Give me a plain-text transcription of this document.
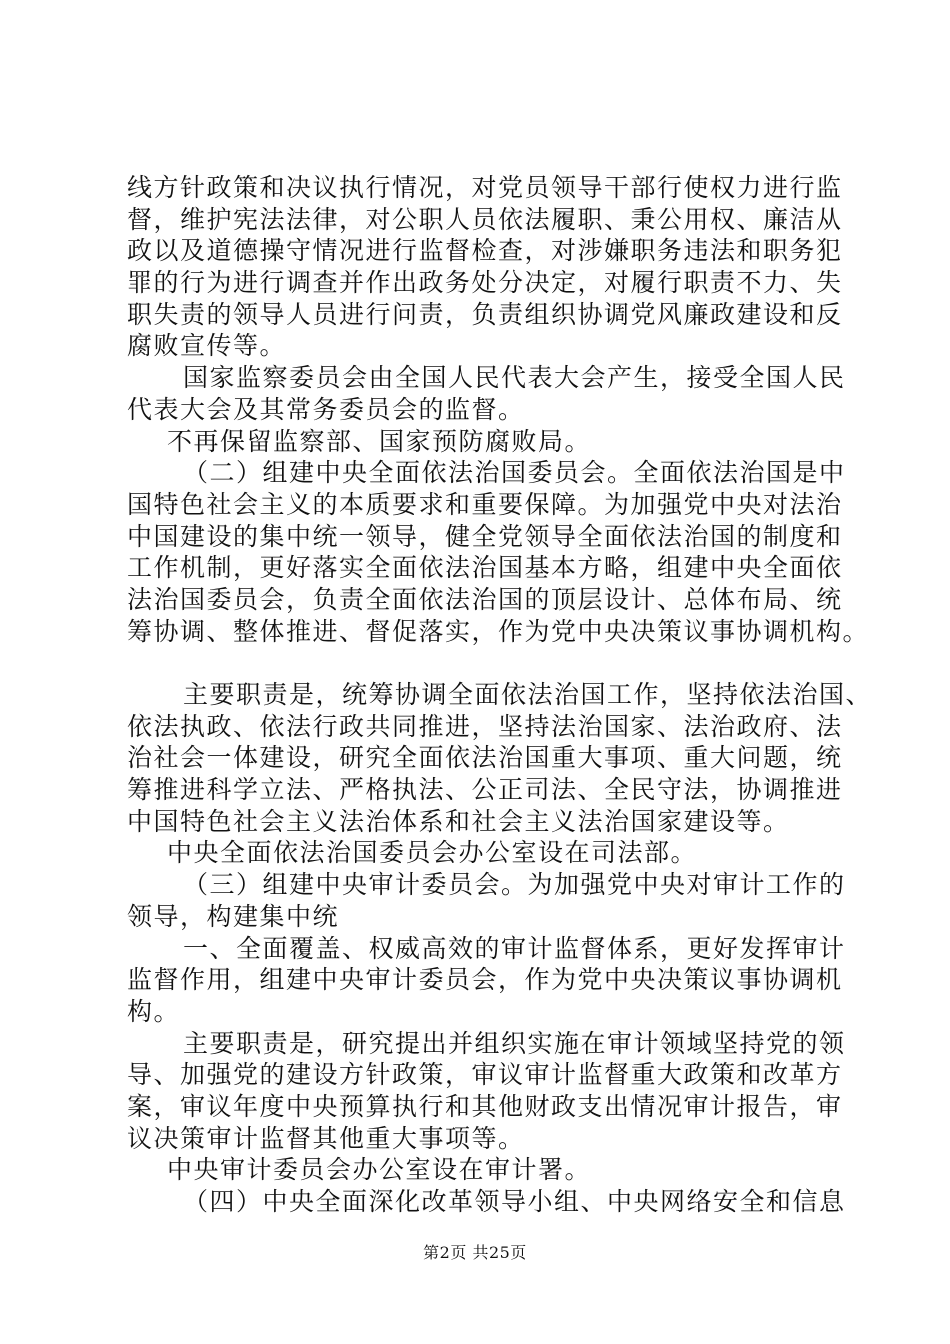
线方针政策和决议执行情况，对党员领导干部行使权力进行监
督，维护宪法法律，对公职人员依法履职、秉公用权、廉洁从
政以及道德操守情况进行监督检查，对涉嫌职务违法和职务犯
罪的行为进行调查并作出政务处分决定，对履行职责不力、失
职失责的领导人员进行问责，负责组织协调党风廉政建设和反
腐败宣传等。
国家监察委员会由全国人民代表大会产生，接受全国人民
代表大会及其常务委员会的监督。
不再保留监察部、国家预防腐败局。
（二）组建中央全面依法治国委员会。全面依法治国是中
国特色社会主义的本质要求和重要保障。为加强党中央对法治
中国建设的集中统一领导，健全党领导全面依法治国的制度和
工作机制，更好落实全面依法治国基本方略，组建中央全面依
法治国委员会，负责全面依法治国的顶层设计、总体布局、统
筹协调、整体推进、督促落实，作为党中央决策议事协调机构。
主要职责是，统筹协调全面依法治国工作，坚持依法治国、
依法执政、依法行政共同推进，坚持法治国家、法治政府、法
治社会一体建设，研究全面依法治国重大事项、重大问题，统
筹推进科学立法、严格执法、公正司法、全民守法，协调推进
中国特色社会主义法治体系和社会主义法治国家建设等。
中央全面依法治国委员会办公室设在司法部。
（三）组建中央审计委员会。为加强党中央对审计工作的
领导，构建集中统
一、全面覆盖、权威高效的审计监督体系，更好发挥审计
监督作用，组建中央审计委员会，作为党中央决策议事协调机
构。
主要职责是，研究提出并组织实施在审计领域坚持党的领
导、加强党的建设方针政策，审议审计监督重大政策和改革方
案，审议年度中央预算执行和其他财政支出情况审计报告，审
议决策审计监督其他重大事项等。
中央审计委员会办公室设在审计署。
（四）中央全面深化改革领导小组、中央网络安全和信息
第2页 共25页
